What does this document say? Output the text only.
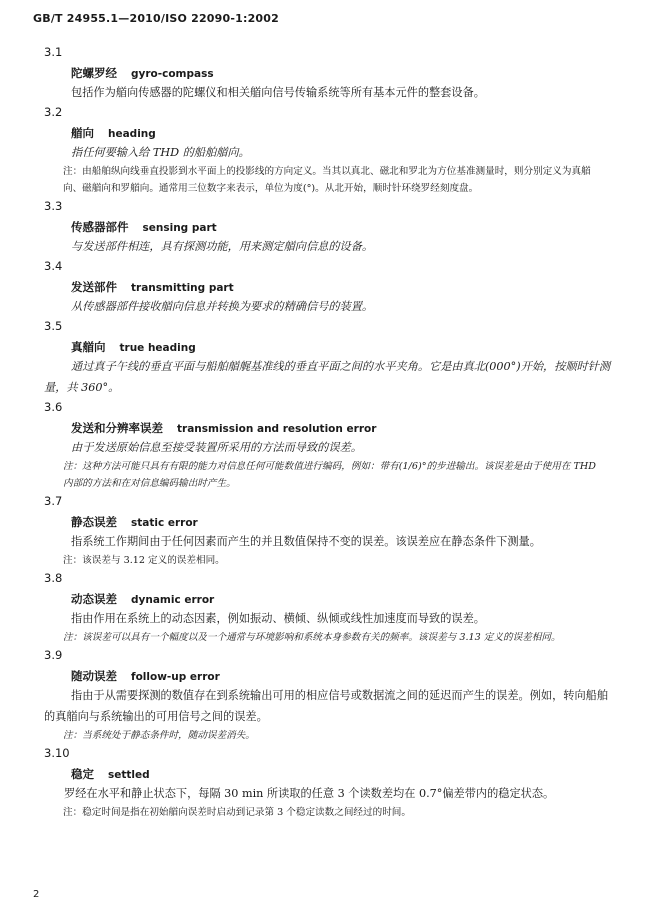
GB/T 24955.1—2010/ISO 22090-1:2002
3.1
陀螺罗经 gyro-compass
包括作为艏向传感器的陀螺仪和相关艏向信号传输系统等所有基本元件的整套设备。
3.2
艏向 heading
指任何要输入给 THD 的船舶艏向。
注：由船舶纵向线垂直投影到水平面上的投影线的方向定义。当其以真北、磁北和罗北为方位基准测量时，则分别定义为真艏向、磁艏向和罗艏向。通常用三位数字来表示，单位为度(°)。从北开始，顺时针环绕罗经刻度盘。
3.3
传感器部件 sensing part
与发送部件相连，具有探测功能，用来测定艏向信息的设备。
3.4
发送部件 transmitting part
从传感器部件接收艏向信息并转换为要求的精确信号的装置。
3.5
真艏向 true heading
通过真子午线的垂直平面与船舶艏艉基准线的垂直平面之间的水平夹角。它是由真北(000°)开始，按顺时针测量，共 360°。
3.6
发送和分辨率误差 transmission and resolution error
由于发送原始信息至接受装置所采用的方法而导致的误差。
注：这种方法可能只具有有限的能力对信息任何可能数值进行编码，例如：带有(1/6)°的步进输出。该误差是由于使用在 THD 内部的方法和在对信息编码输出时产生。
3.7
静态误差 static error
指系统工作期间由于任何因素而产生的并且数值保持不变的误差。该误差应在静态条件下测量。
注：该误差与 3.12 定义的误差相同。
3.8
动态误差 dynamic error
指由作用在系统上的动态因素，例如振动、横倾、纵倾或线性加速度而导致的误差。
注：该误差可以具有一个幅度以及一个通常与环境影响和系统本身参数有关的频率。该误差与 3.13 定义的误差相同。
3.9
随动误差 follow-up error
指由于从需要探测的数值存在到系统输出可用的相应信号或数据流之间的延迟而产生的误差。例如，转向船舶的真艏向与系统输出的可用信号之间的误差。
注：当系统处于静态条件时，随动误差消失。
3.10
稳定 settled
罗经在水平和静止状态下，每隔 30 min 所读取的任意 3 个读数差均在 0.7°偏差带内的稳定状态。
注：稳定时间是指在初始艏向误差时启动到记录第 3 个稳定读数之间经过的时间。
2
